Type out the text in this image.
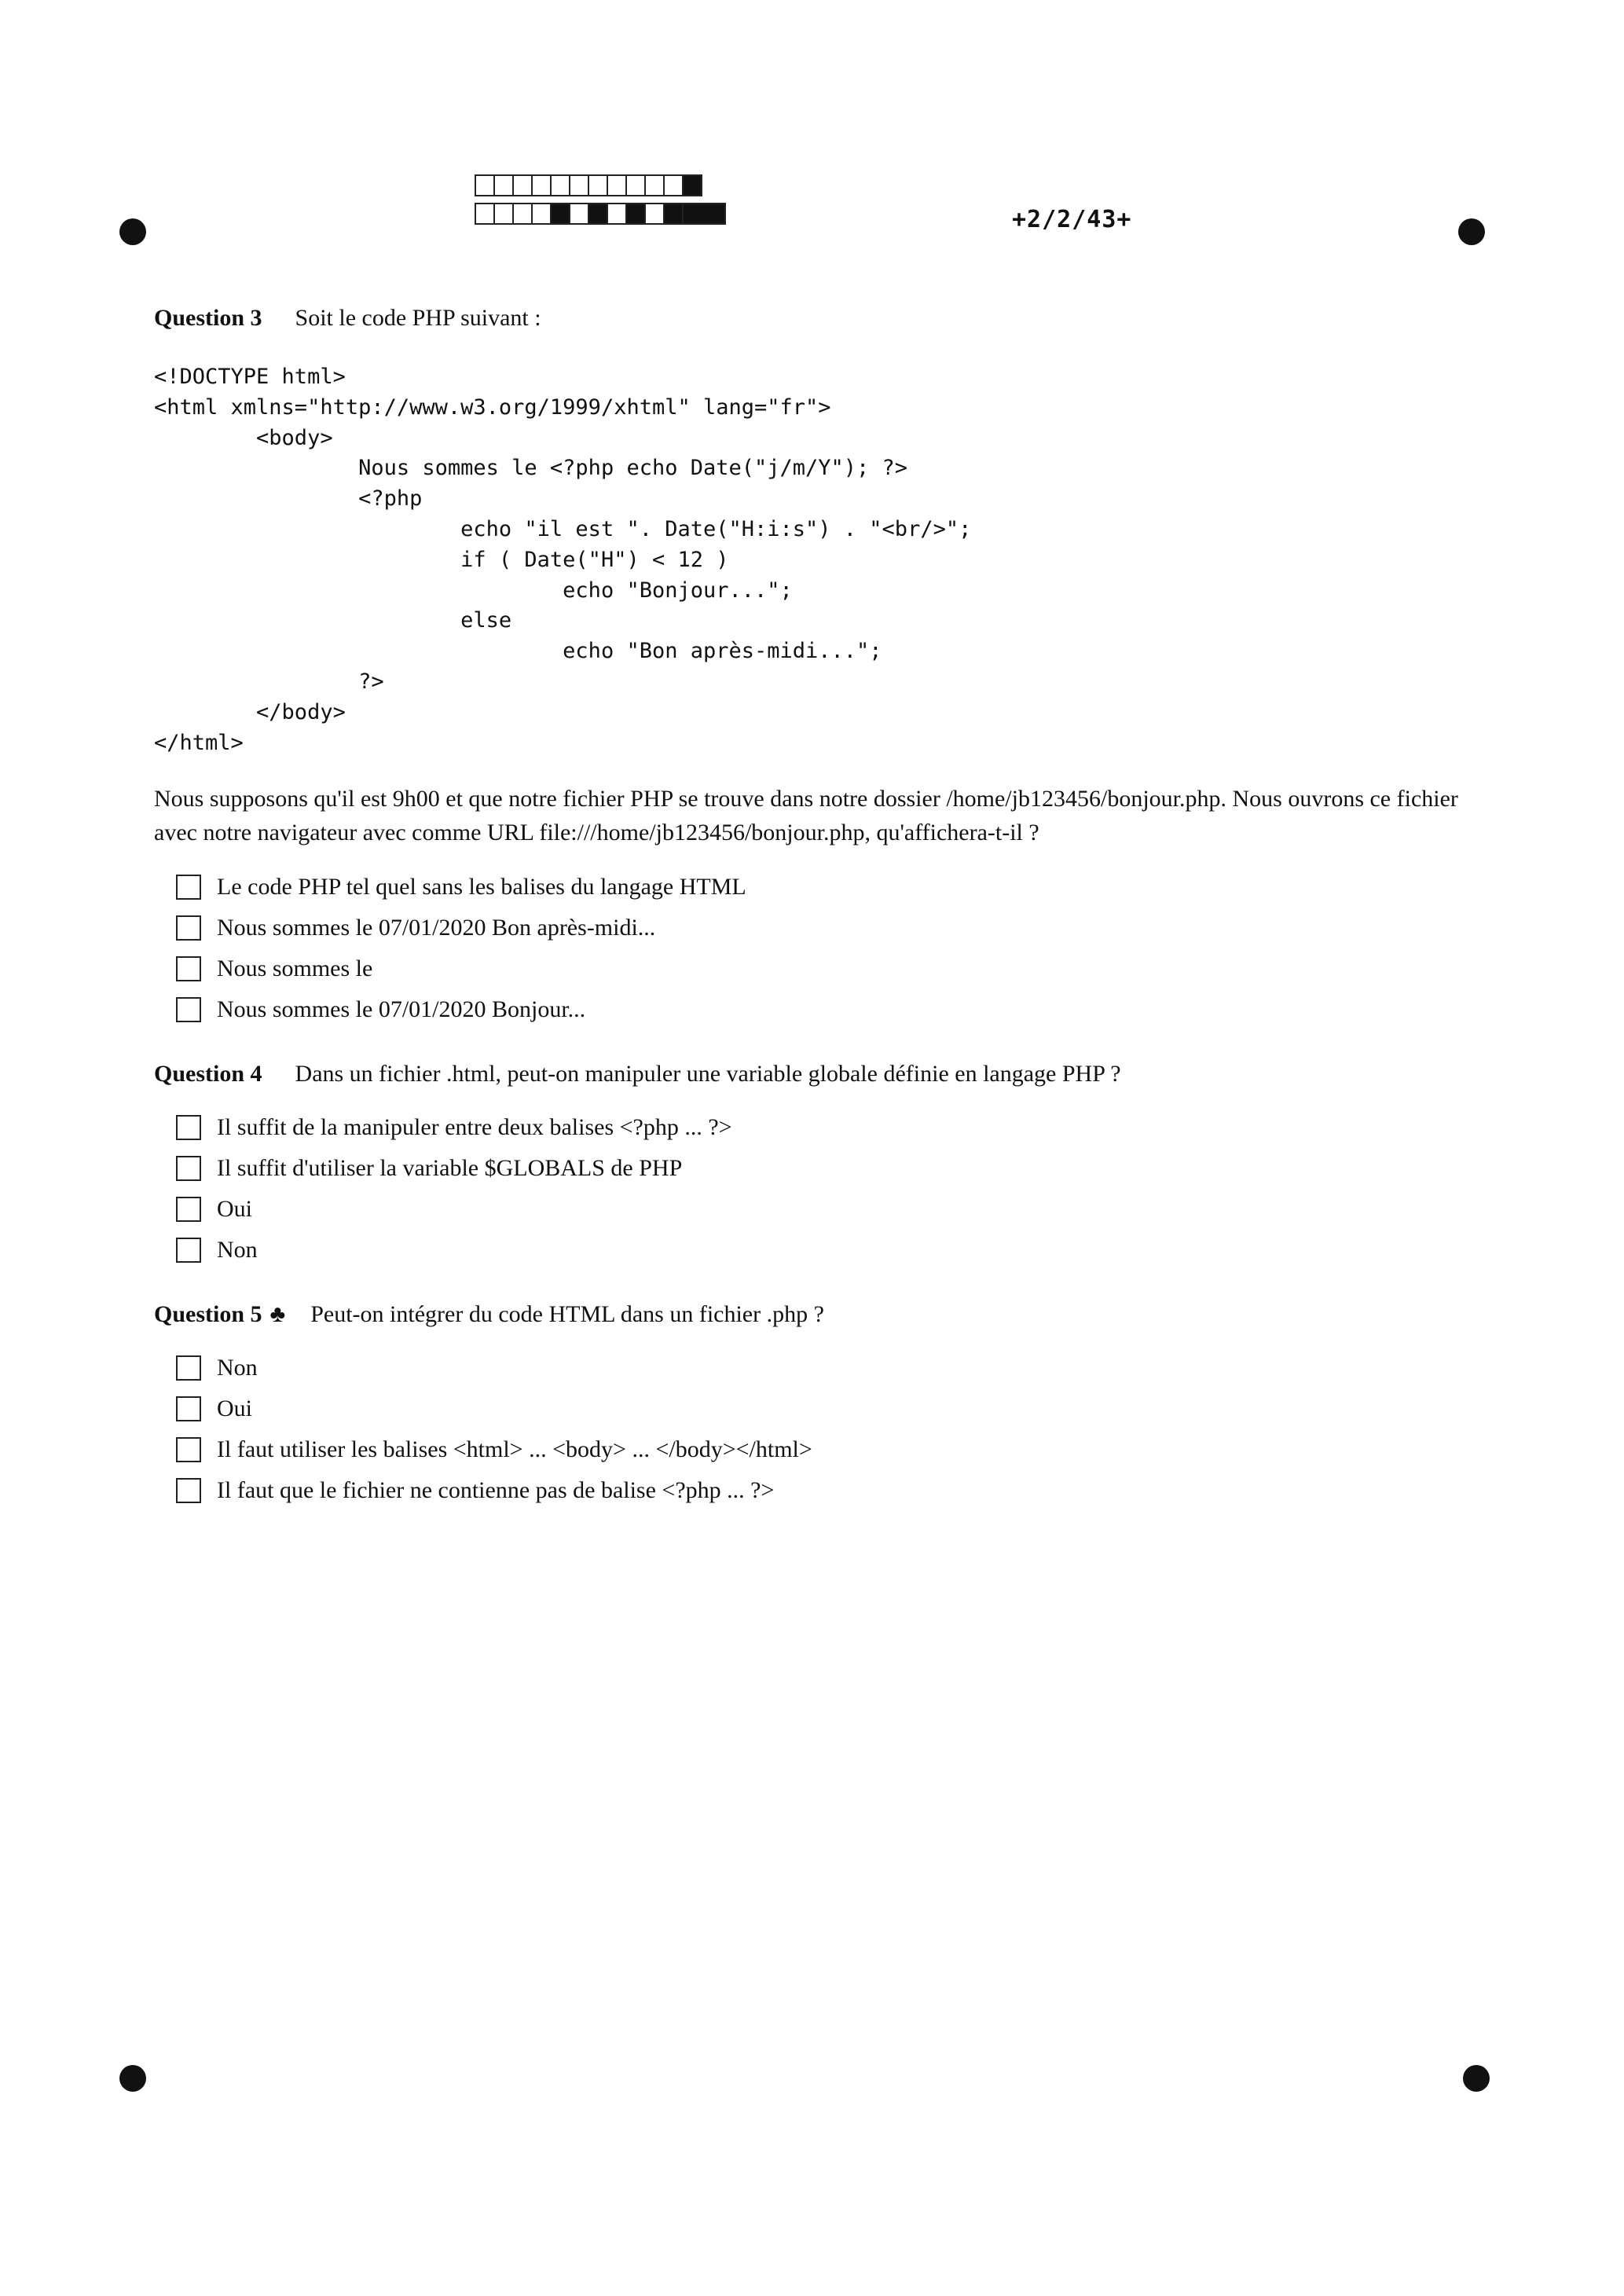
+2/2/43+
Question 3 Soit le code PHP suivant :
<!DOCTYPE html>
<html xmlns="http://www.w3.org/1999/xhtml" lang="fr">
<body>
Nous sommes le <?php echo Date("j/m/Y"); ?>
<?php
echo "il est ". Date("H:i:s") . "<br/>";
if ( Date("H") < 12 )
echo "Bonjour...";
else
echo "Bon après-midi...";
?>
</body>
</html>
Nous supposons qu'il est 9h00 et que notre fichier PHP se trouve dans notre dossier /home/jb123456/bonjour.php. Nous ouvrons ce fichier avec notre navigateur avec comme URL file:///home/jb123456/bonjour.php, qu'affichera-t-il ?
Le code PHP tel quel sans les balises du langage HTML
Nous sommes le 07/01/2020 Bon après-midi...
Nous sommes le
Nous sommes le 07/01/2020 Bonjour...
Question 4 Dans un fichier .html, peut-on manipuler une variable globale définie en langage PHP ?
Il suffit de la manipuler entre deux balises <?php ... ?>
Il suffit d'utiliser la variable $GLOBALS de PHP
Oui
Non
Question 5 ♣ Peut-on intégrer du code HTML dans un fichier .php ?
Non
Oui
Il faut utiliser les balises <html> ... <body> ... </body></html>
Il faut que le fichier ne contienne pas de balise <?php ... ?>
